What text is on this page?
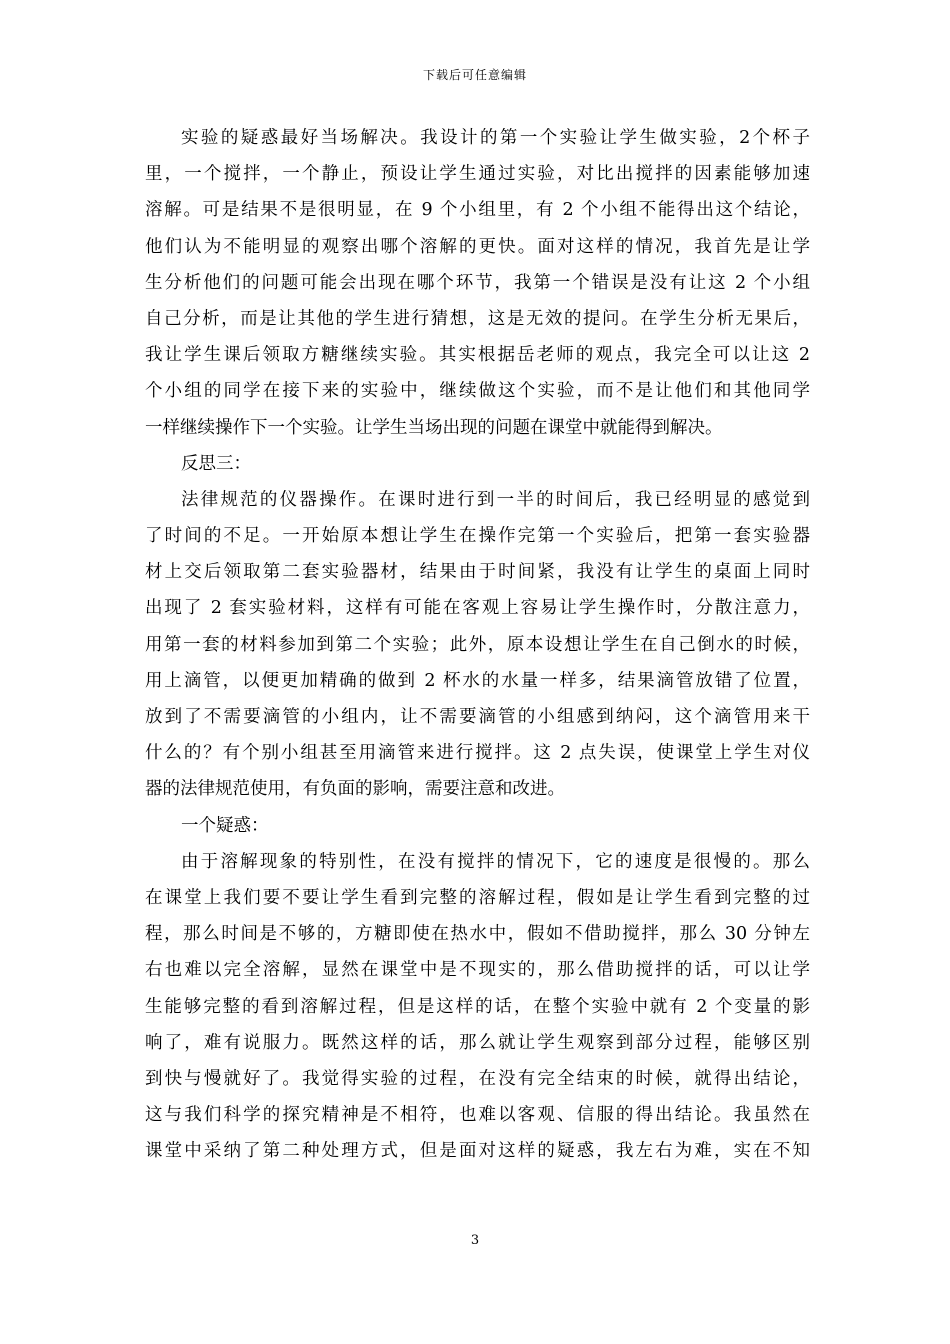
下载后可任意编辑
实验的疑惑最好当场解决。我设计的第一个实验让学生做实验，2个杯子
里，一个搅拌，一个静止，预设让学生通过实验，对比出搅拌的因素能够加速
溶解。可是结果不是很明显，在 9 个小组里，有 2 个小组不能得出这个结论，
他们认为不能明显的观察出哪个溶解的更快。面对这样的情况，我首先是让学
生分析他们的问题可能会出现在哪个环节，我第一个错误是没有让这 2 个小组
自己分析，而是让其他的学生进行猜想，这是无效的提问。在学生分析无果后，
我让学生课后领取方糖继续实验。其实根据岳老师的观点，我完全可以让这 2
个小组的同学在接下来的实验中，继续做这个实验，而不是让他们和其他同学
一样继续操作下一个实验。让学生当场出现的问题在课堂中就能得到解决。
反思三：
法律规范的仪器操作。在课时进行到一半的时间后，我已经明显的感觉到
了时间的不足。一开始原本想让学生在操作完第一个实验后，把第一套实验器
材上交后领取第二套实验器材，结果由于时间紧，我没有让学生的桌面上同时
出现了 2 套实验材料，这样有可能在客观上容易让学生操作时，分散注意力，
用第一套的材料参加到第二个实验；此外，原本设想让学生在自己倒水的时候，
用上滴管，以便更加精确的做到 2 杯水的水量一样多，结果滴管放错了位置，
放到了不需要滴管的小组内，让不需要滴管的小组感到纳闷，这个滴管用来干
什么的？有个别小组甚至用滴管来进行搅拌。这 2 点失误，使课堂上学生对仪
器的法律规范使用，有负面的影响，需要注意和改进。
一个疑惑：
由于溶解现象的特别性，在没有搅拌的情况下，它的速度是很慢的。那么
在课堂上我们要不要让学生看到完整的溶解过程，假如是让学生看到完整的过
程，那么时间是不够的，方糖即使在热水中，假如不借助搅拌，那么 30 分钟左
右也难以完全溶解，显然在课堂中是不现实的，那么借助搅拌的话，可以让学
生能够完整的看到溶解过程，但是这样的话，在整个实验中就有 2 个变量的影
响了，难有说服力。既然这样的话，那么就让学生观察到部分过程，能够区别
到快与慢就好了。我觉得实验的过程，在没有完全结束的时候，就得出结论，
这与我们科学的探究精神是不相符，也难以客观、信服的得出结论。我虽然在
课堂中采纳了第二种处理方式，但是面对这样的疑惑，我左右为难，实在不知
3
